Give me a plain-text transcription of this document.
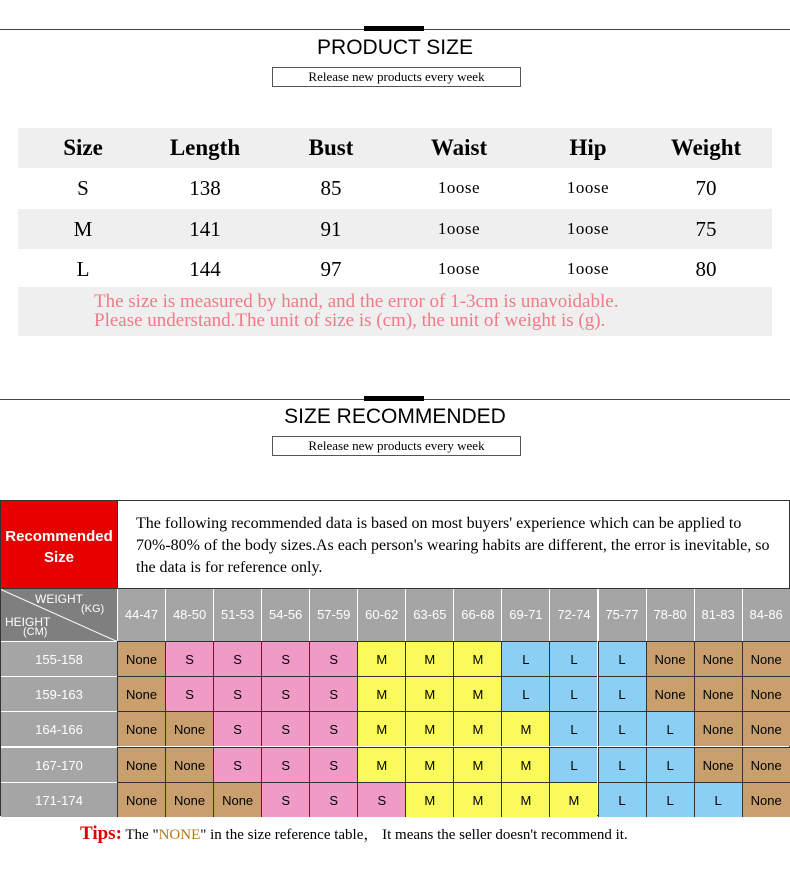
PRODUCT SIZE
Release new products every week
Size	Length	Bust	Waist	Hip	Weight
S	138	85	1oose	1oose	70
M	141	91	1oose	1oose	75
L	144	97	1oose	1oose	80
The size is measured by hand, and the error of 1-3cm is unavoidable.
Please understand.The unit of size is (cm), the unit of weight is (g).
SIZE RECOMMENDED
Release new products every week
Recommended
Size
The following recommended data is based on most buyers' experience which can be applied to 70%-80% of the body sizes.As each person's wearing habits are different, the error is inevitable, so the data is for reference only.
WEIGHT
(KG)
HEIGHT
(CM)
44-47	48-50	51-53	54-56	57-59	60-62	63-65	66-68	69-71	72-74	75-77	78-80	81-83	84-86
155-158	None	S	S	S	S	M	M	M	L	L	L	None	None	None
159-163	None	S	S	S	S	M	M	M	L	L	L	None	None	None
164-166	None	None	S	S	S	M	M	M	M	L	L	L	None	None
167-170	None	None	S	S	S	M	M	M	M	L	L	L	None	None
171-174	None	None	None	S	S	S	M	M	M	M	L	L	L	None
Tips: The "NONE" in the size reference table， It means the seller doesn't recommend it.
